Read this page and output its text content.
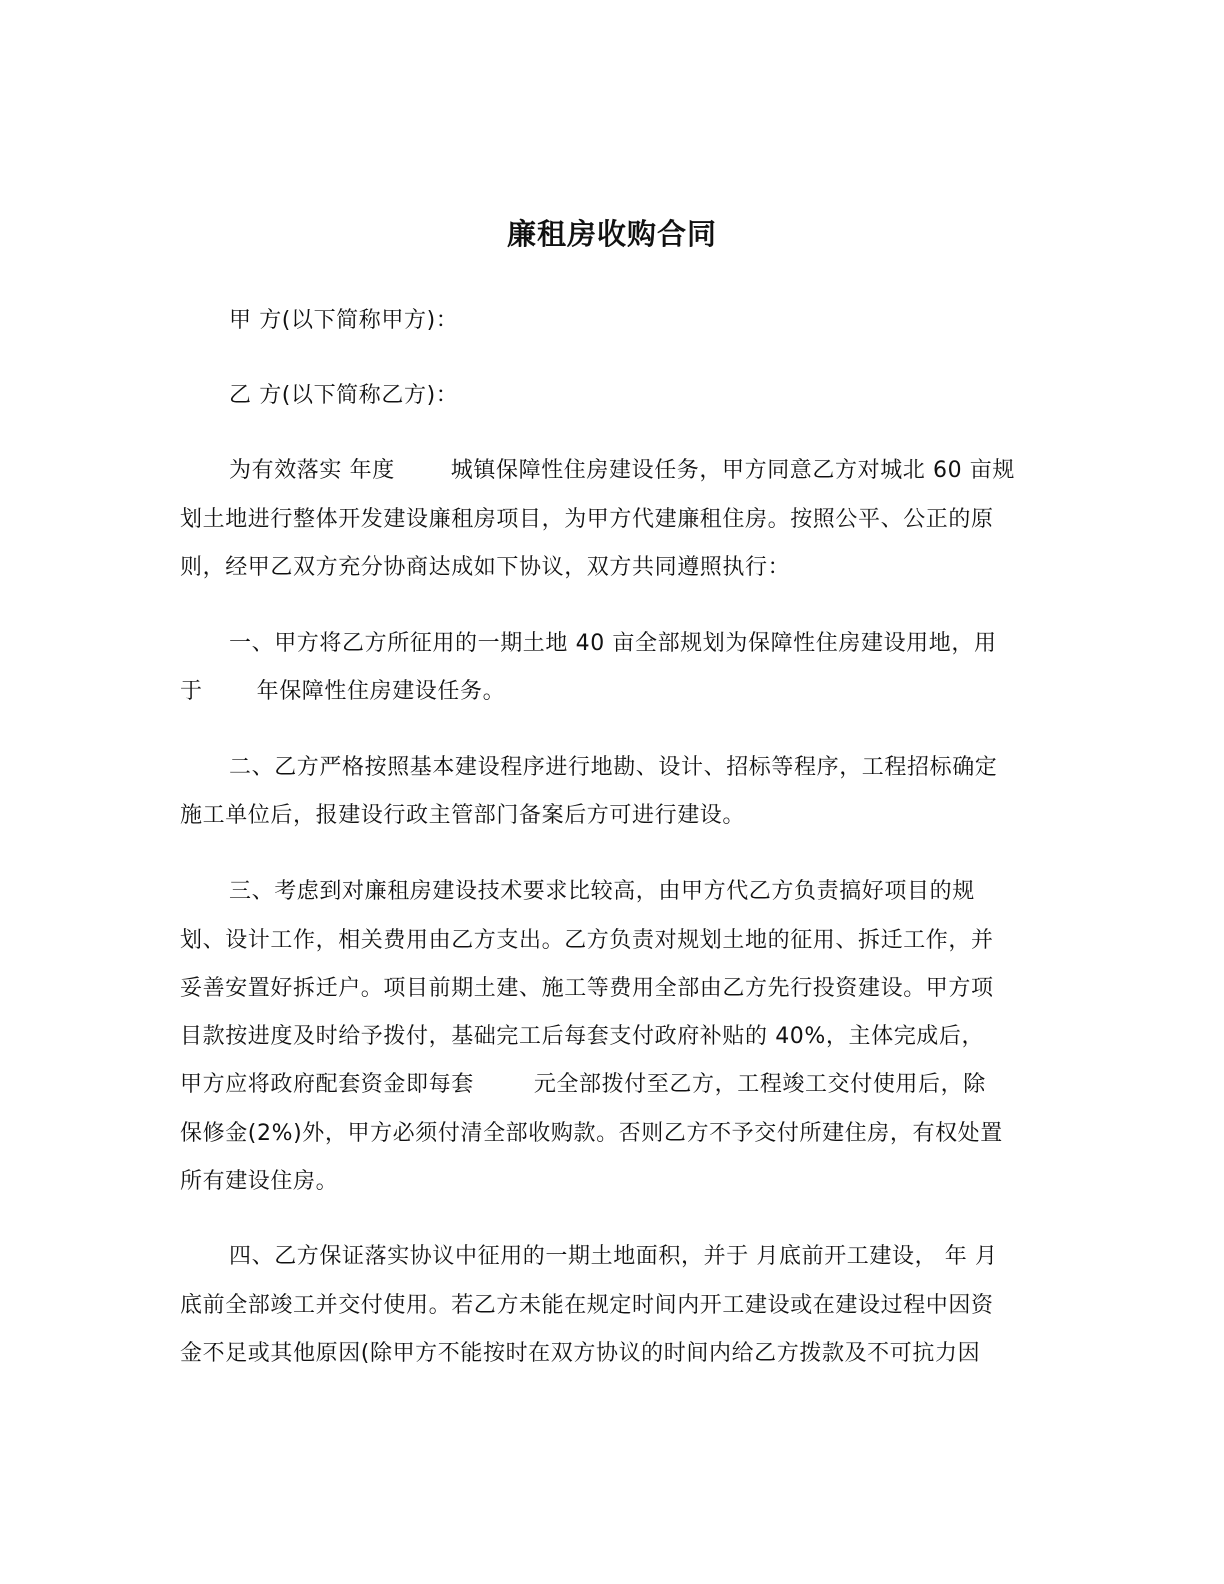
廉租房收购合同
甲 方(以下简称甲方)：
乙 方(以下简称乙方)：
为有效落实 年度	城镇保障性住房建设任务，甲方同意乙方对城北 60 亩规
划土地进行整体开发建设廉租房项目，为甲方代建廉租住房。按照公平、公正的原
则，经甲乙双方充分协商达成如下协议，双方共同遵照执行：
一、甲方将乙方所征用的一期土地 40 亩全部规划为保障性住房建设用地，用
于 年保障性住房建设任务。
二、乙方严格按照基本建设程序进行地勘、设计、招标等程序，工程招标确定
施工单位后，报建设行政主管部门备案后方可进行建设。
三、考虑到对廉租房建设技术要求比较高，由甲方代乙方负责搞好项目的规
划、设计工作，相关费用由乙方支出。乙方负责对规划土地的征用、拆迁工作，并
妥善安置好拆迁户。项目前期土建、施工等费用全部由乙方先行投资建设。甲方项
目款按进度及时给予拨付，基础完工后每套支付政府补贴的 40%，主体完成后，
甲方应将政府配套资金即每套	元全部拨付至乙方，工程竣工交付使用后，除
保修金(2%)外，甲方必须付清全部收购款。否则乙方不予交付所建住房，有权处置
所有建设住房。
四、乙方保证落实协议中征用的一期土地面积，并于 月底前开工建设， 年 月
底前全部竣工并交付使用。若乙方未能在规定时间内开工建设或在建设过程中因资
金不足或其他原因(除甲方不能按时在双方协议的时间内给乙方拨款及不可抗力因
